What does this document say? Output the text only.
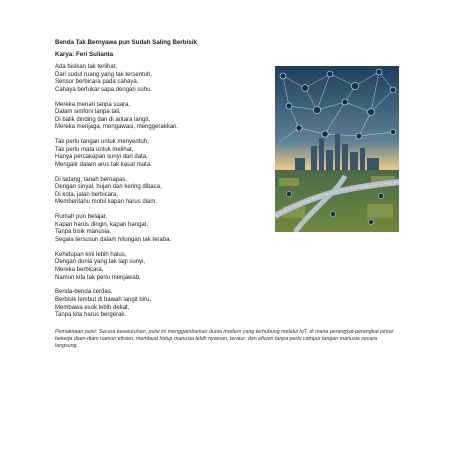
Benda Tak Bernyawa pun Sudah Saling Berbisik
Karya: Feri Sulianta
Ada bisikan tak terlihat,
Dari sudut ruang yang tak tersentuh,
Sensor berbicara pada cahaya,
Cahaya bertukar sapa dengan suhu.
Mereka menari tanpa suara,
Dalam simfoni tanpa tali,
Di balik dinding dan di antara langit,
Mereka menjaga, mengawasi, menggerakkan.
Tak perlu tangan untuk menyentuh,
Tak perlu mata untuk melihat,
Hanya percakapan sunyi dari data,
Mengalir dalam arus tak kasat mata.
Di ladang, tanah bernapas,
Dengan sinyal, hujan dan kering dibaca,
Di kota, jalan berbicara,
Memberitahu mobil kapan harus diam.
Rumah pun belajar,
Kapan harus dingin, kapan hangat,
Tanpa bisik manusia,
Segala tersusun dalam hitungan tak teraba.
Kehidupan kini lebih halus,
Dengan dunia yang tak lagi sunyi,
Mereka berbicara,
Namun kita tak perlu menjawab.
Benda-benda cerdas,
Berbisik lembut di bawah langit biru,
Membawa esok lebih dekat,
Tanpa kita harus bergerak.
Pemaknaan puisi: Secara keseluruhan, puisi ini menggambarkan dunia modern yang terhubung melalui IoT, di mana perangkat-perangkat pintar bekerja diam-diam namun efisien, membuat hidup manusia lebih nyaman, teratur, dan efisien tanpa perlu campur tangan manusia secara langsung.
